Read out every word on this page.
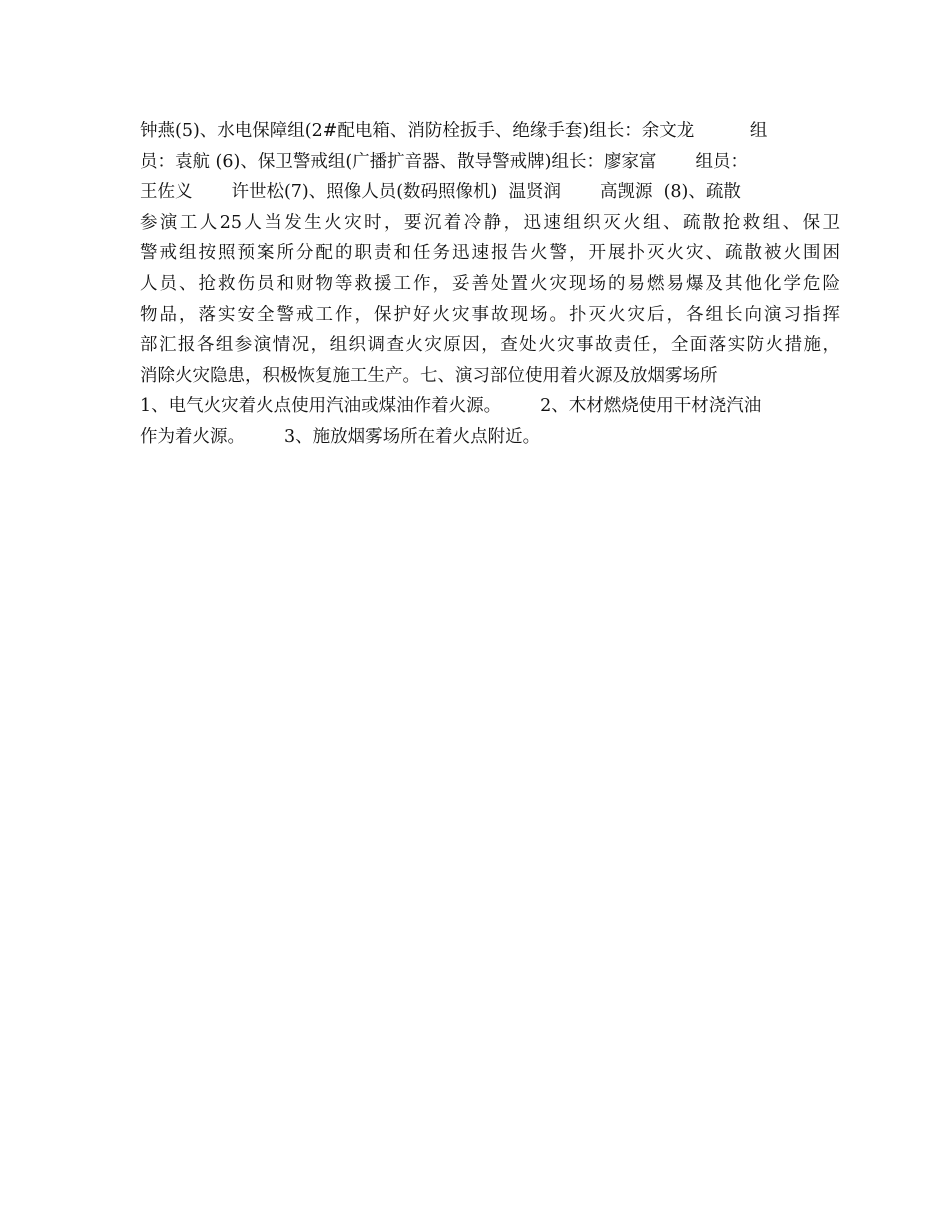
钟燕(5)、水电保障组(2#配电箱、消防栓扳手、绝缘手套)组长：余文龙          组
员：袁航 (6)、保卫警戒组(广播扩音器、散导警戒牌)组长：廖家富       组员：
王佐义       许世松(7)、照像人员(数码照像机)  温贤润       高觊源  (8)、疏散
参演工人25人当发生火灾时，要沉着冷静，迅速组织灭火组、疏散抢救组、保卫
警戒组按照预案所分配的职责和任务迅速报告火警，开展扑灭火灾、疏散被火围困
人员、抢救伤员和财物等救援工作，妥善处置火灾现场的易燃易爆及其他化学危险
物品，落实安全警戒工作，保护好火灾事故现场。扑灭火灾后，各组长向演习指挥
部汇报各组参演情况，组织调查火灾原因，查处火灾事故责任，全面落实防火措施，
消除火灾隐患，积极恢复施工生产。七、演习部位使用着火源及放烟雾场所
1、电气火灾着火点使用汽油或煤油作着火源。       2、木材燃烧使用干材浇汽油
作为着火源。       3、施放烟雾场所在着火点附近。
